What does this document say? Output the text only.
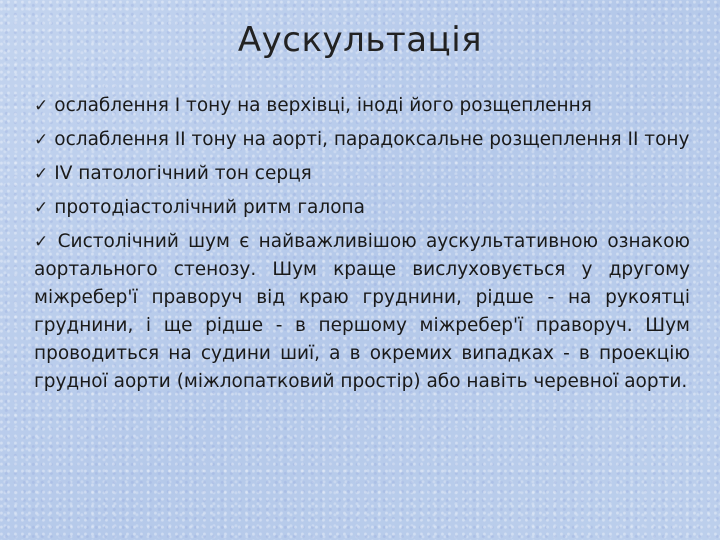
Аускультація
✓ ослаблення І тону на верхівці, іноді його розщеплення
✓ ослаблення ІІ тону на аорті, парадоксальне розщеплення ІІ тону
✓ IV патологічний тон серця
✓ протодіастолічний ритм галопа
✓ Систолічний шум є найважливішою аускультативною ознакою аортального стенозу. Шум краще вислуховується у другому міжребер'ї праворуч від краю груднини, рідше - на рукоятці груднини, і ще рідше - в першому міжребер'ї праворуч. Шум проводиться на судини шиї, а в окремих випадках - в проекцію грудної аорти (міжлопатковий простір) або навіть черевної аорти.
